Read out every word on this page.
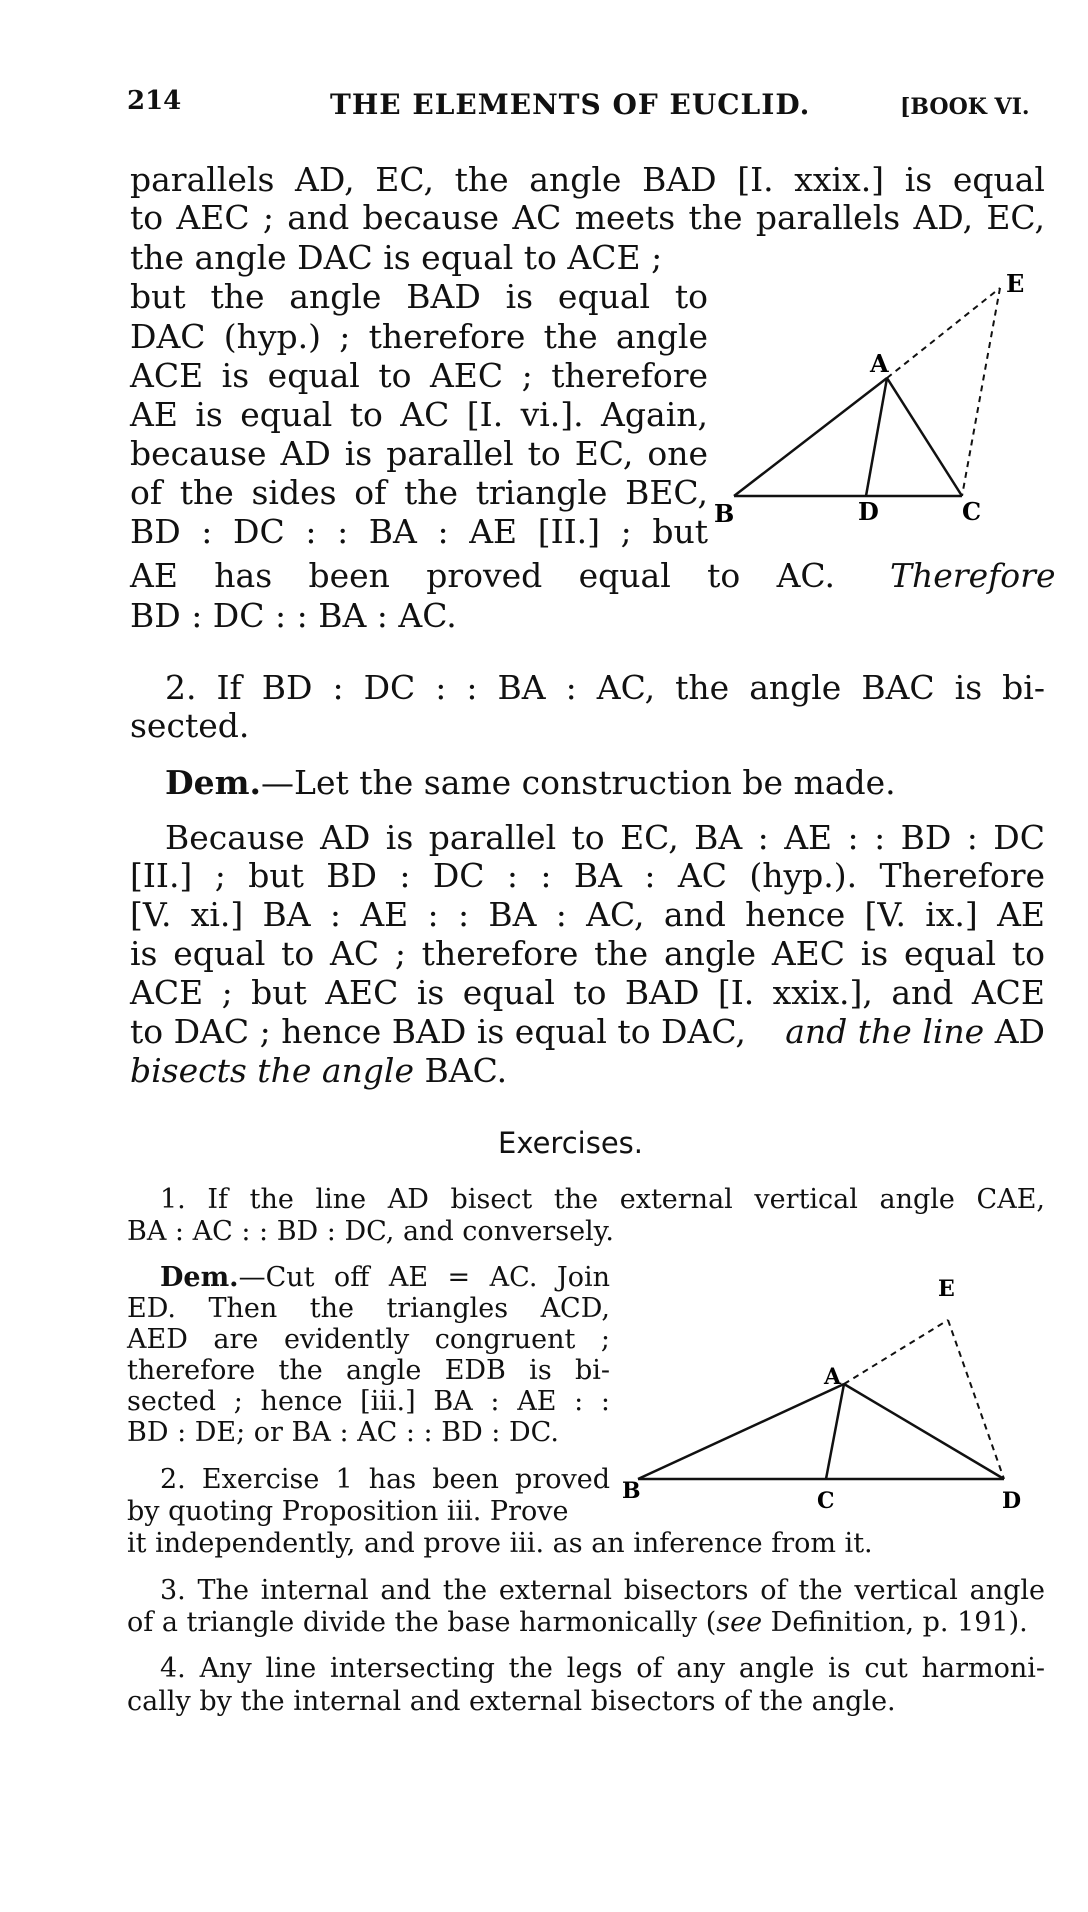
214	THE ELEMENTS OF EUCLID.	[BOOK VI.
parallels AD, EC, the angle BAD [I. xxix.] is equal
to AEC ; and because AC meets the parallels AD, EC,
the angle DAC is equal to ACE ;
but the angle BAD is equal to
DAC (hyp.) ; therefore the angle
ACE is equal to AEC ; therefore
AE is equal to AC [I. vi.]. Again,
because AD is parallel to EC, one
of the sides of the triangle BEC,
BD : DC : : BA : AE [II.] ; but
AE has been proved equal to AC. Therefore
BD : DC : : BA : AC.
E
A
B	D	C
2. If BD : DC : : BA : AC, the angle BAC is bi-
sected.
Dem.—Let the same construction be made.
Because AD is parallel to EC, BA : AE : : BD : DC
[II.] ; but BD : DC : : BA : AC (hyp.). Therefore
[V. xi.] BA : AE : : BA : AC, and hence [V. ix.] AE
is equal to AC ; therefore the angle AEC is equal to
ACE ; but AEC is equal to BAD [I. xxix.], and ACE
to DAC ; hence BAD is equal to DAC, and the line AD
bisects the angle BAC.
Exercises.
1. If the line AD bisect the external vertical angle CAE,
BA : AC : : BD : DC, and conversely.
Dem.—Cut off AE = AC. Join
ED. Then the triangles ACD,
AED are evidently congruent ;
therefore the angle EDB is bi-
sected ; hence [iii.] BA : AE : :
BD : DE; or BA : AC : : BD : DC.
2. Exercise 1 has been proved
by quoting Proposition iii. Prove
it independently, and prove iii. as an inference from it.
3. The internal and the external bisectors of the vertical angle
of a triangle divide the base harmonically (see Definition, p. 191).
4. Any line intersecting the legs of any angle is cut harmoni-
cally by the internal and external bisectors of the angle.
E
A
B	C	D
